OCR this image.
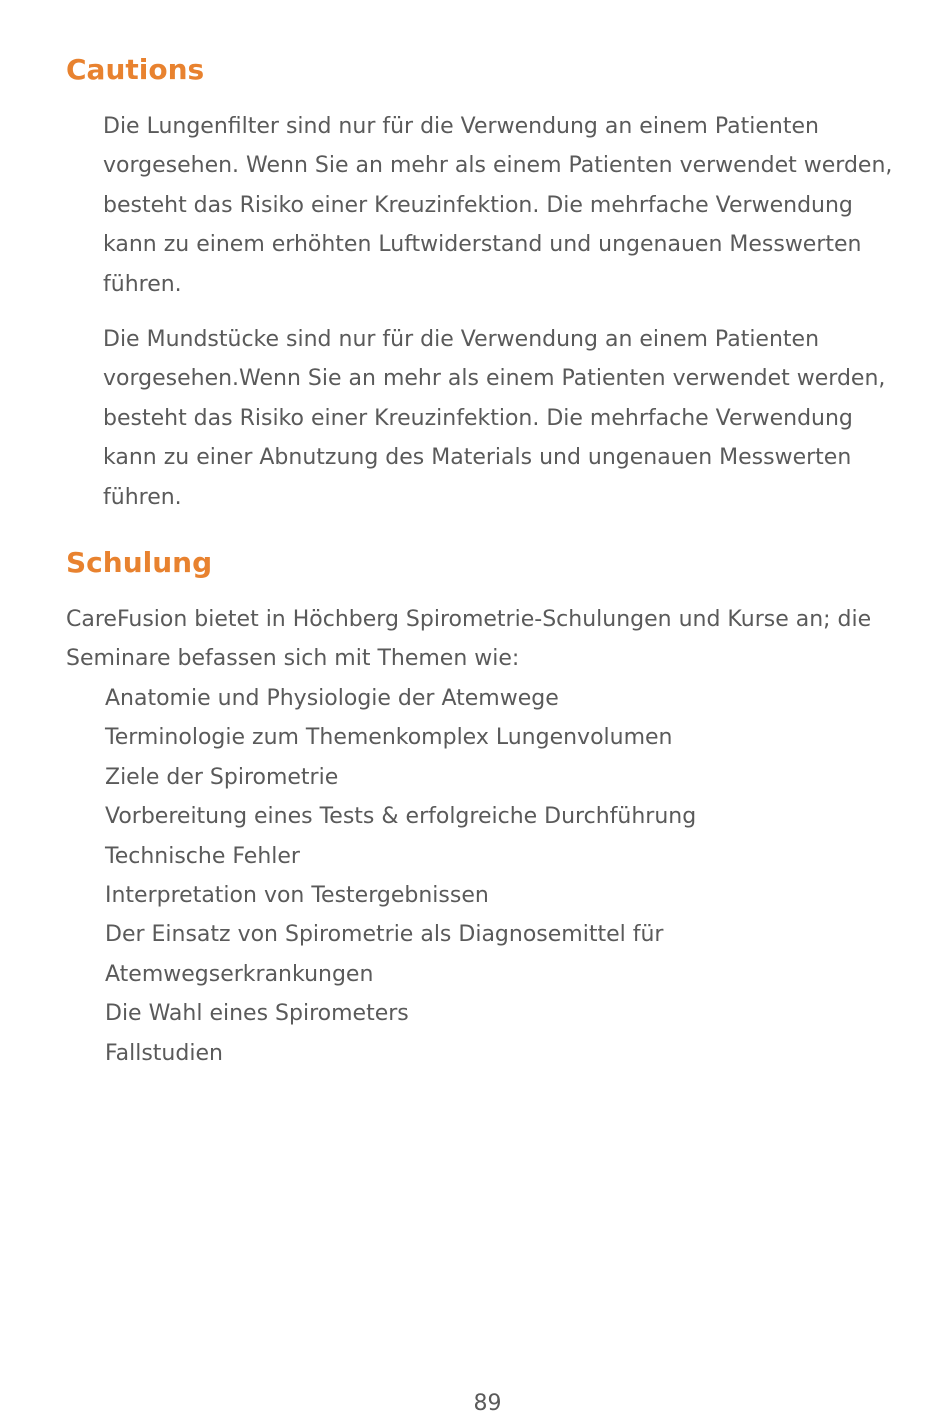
Cautions

Die Lungenfilter sind nur für die Verwendung an einem Patienten vorgesehen. Wenn Sie an mehr als einem Patienten verwendet werden, besteht das Risiko einer Kreuzinfektion. Die mehrfache Verwendung kann zu einem erhöhten Luftwiderstand und ungenauen Messwerten führen.

Die Mundstücke sind nur für die Verwendung an einem Patienten vorgesehen.Wenn Sie an mehr als einem Patienten verwendet werden, besteht das Risiko einer Kreuzinfektion. Die mehrfache Verwendung kann zu einer Abnutzung des Materials und ungenauen Messwerten führen.

Schulung

CareFusion bietet in Höchberg Spirometrie-Schulungen und Kurse an; die Seminare befassen sich mit Themen wie:

Anatomie und Physiologie der Atemwege
Terminologie zum Themenkomplex Lungenvolumen
Ziele der Spirometrie
Vorbereitung eines Tests & erfolgreiche Durchführung
Technische Fehler
Interpretation von Testergebnissen
Der Einsatz von Spirometrie als Diagnosemittel für Atemwegserkrankungen
Die Wahl eines Spirometers
Fallstudien
89
